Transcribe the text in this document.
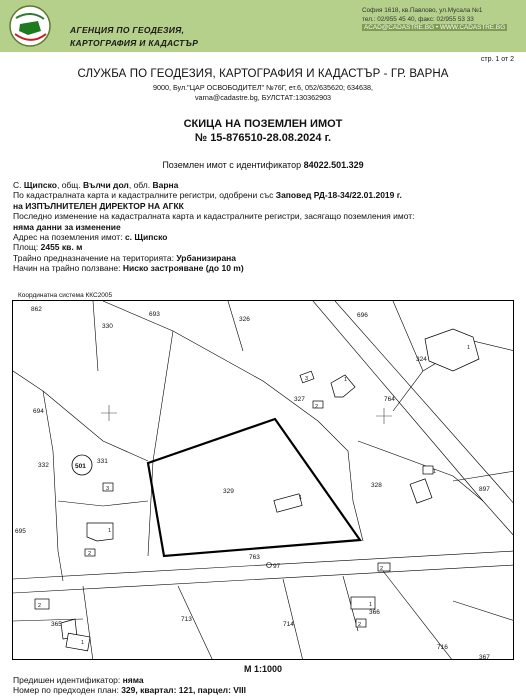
АГЕНЦИЯ ПО ГЕОДЕЗИЯ,
КАРТОГРАФИЯ И КАДАСТЪР
София 1618, кв.Павлово, ул.Мусала №1
тел.: 02/955 45 40, факс: 02/955 53 33
ACAD@CADASTRE.BG • WWW.CADASTRE.BG
стр. 1 от 2
СЛУЖБА ПО ГЕОДЕЗИЯ, КАРТОГРАФИЯ И КАДАСТЪР - ГР. ВАРНА
9000, Бул."ЦАР ОСВОБОДИТЕЛ" №76Г, ет.6, 052/635620; 634638,
varna@cadastre.bg, БУЛСТАТ:130362903
СКИЦА НА ПОЗЕМЛЕН ИМОТ
№ 15-876510-28.08.2024 г.
Поземлен имот с идентификатор 84022.501.329
С. Щипско, общ. Вълчи дол, обл. Варна
По кадастралната карта и кадастралните регистри, одобрени със Заповед РД-18-34/22.01.2019 г.
на ИЗПЪЛНИТЕЛЕН ДИРЕКТОР НА АГКК
Последно изменение на кадастралната карта и кадастралните регистри, засягащо поземления имот:
няма данни за изменение
Адрес на поземления имот: с. Щипско
Площ: 2455 кв. м
Трайно предназначение на територията: Урбанизирана
Начин на трайно ползване: Ниско застрояване (до 10 m)
Координатна система ККС2005
862
330
693
326
696
324
694
327	764
332	501
331
329
328
897
695
763
97
713
365
366
714
716
367
3	1
2
1
3
1
1
2
2
1
2
1
2
1
М 1:1000
Предишен идентификатор: няма
Номер по предходен план: 329, квартал: 121, парцел: VIII
